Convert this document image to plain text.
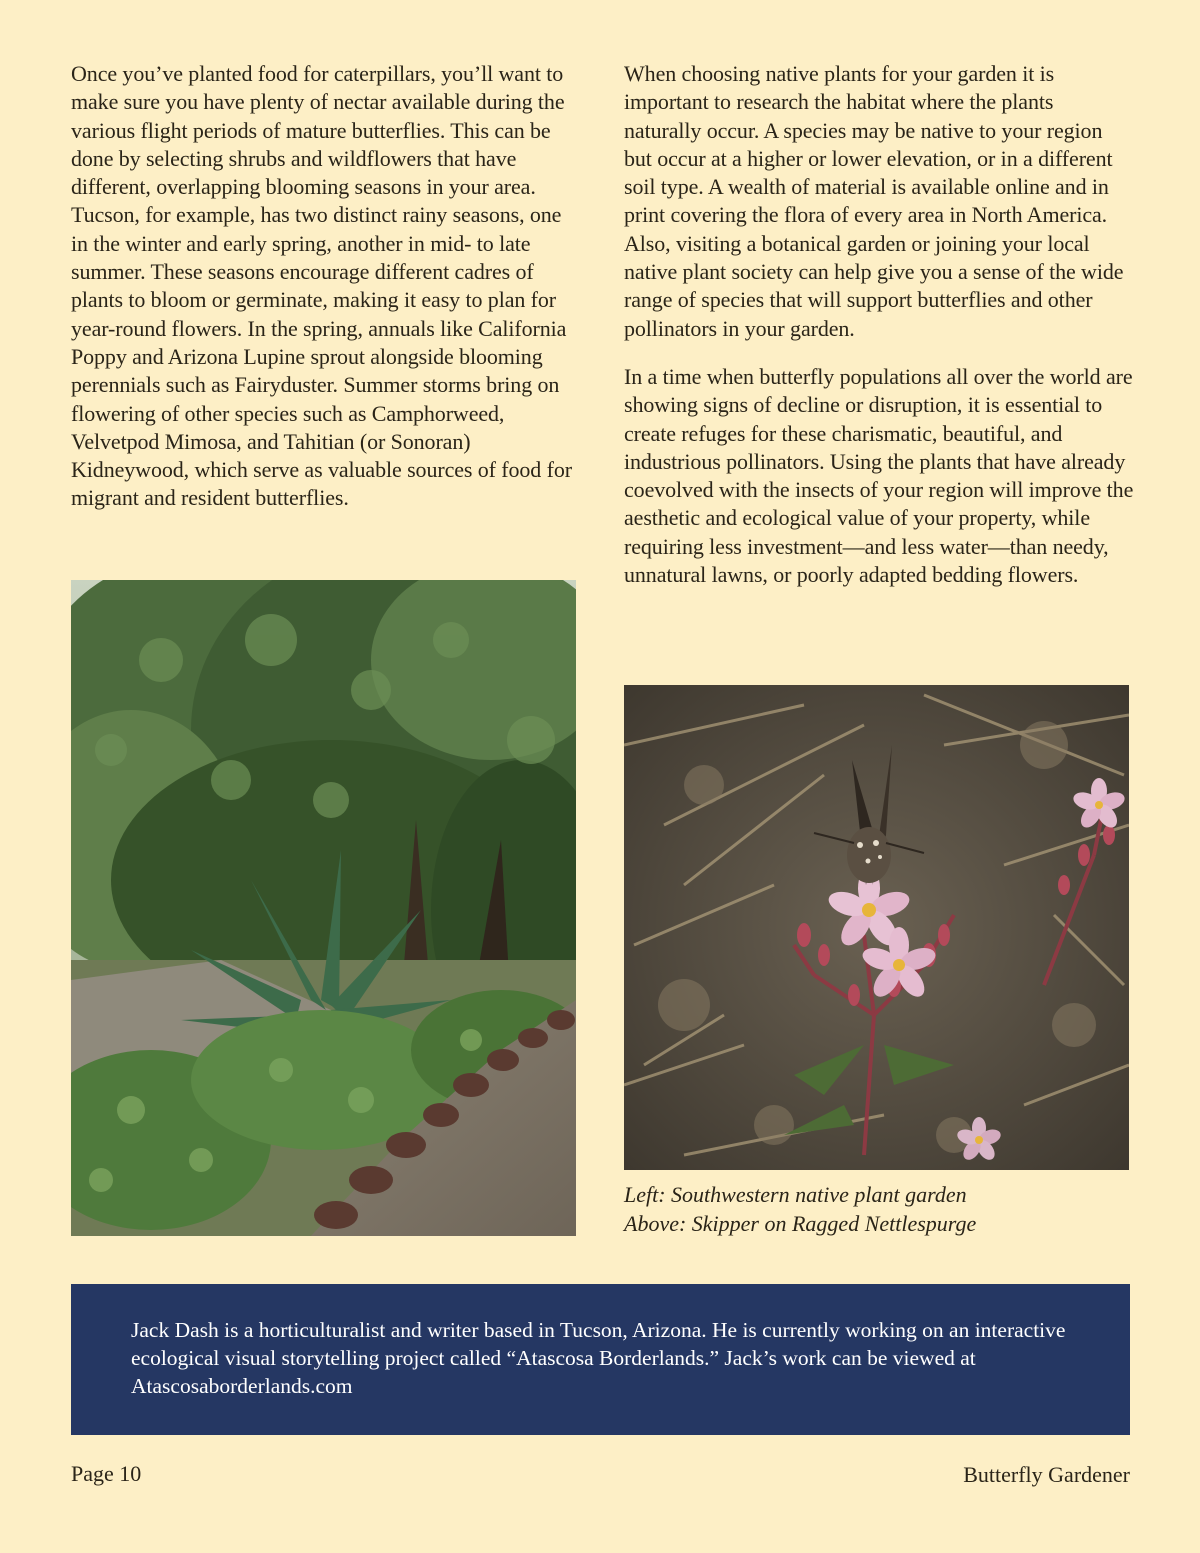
Once you’ve planted food for caterpillars, you’ll want to make sure you have plenty of nectar available during the various flight periods of mature butterflies. This can be done by selecting shrubs and wildflowers that have different, overlapping blooming seasons in your area. Tucson, for example, has two distinct rainy seasons, one in the winter and early spring, another in mid- to late summer. These seasons encourage different cadres of plants to bloom or germinate, making it easy to plan for year-round flowers. In the spring, annuals like California Poppy and Arizona Lupine sprout alongside blooming perennials such as Fairyduster. Summer storms bring on flowering of other species such as Camphorweed, Velvetpod Mimosa, and Tahitian (or Sonoran) Kidneywood, which serve as valuable sources of food for migrant and resident butterflies.

When choosing native plants for your garden it is important to research the habitat where the plants naturally occur. A species may be native to your region but occur at a higher or lower elevation, or in a different soil type. A wealth of material is available online and in print covering the flora of every area in North America. Also, visiting a botanical garden or joining your local native plant society can help give you a sense of the wide range of species that will support butterflies and other pollinators in your garden.

In a time when butterfly populations all over the world are showing signs of decline or disruption, it is essential to create refuges for these charismatic, beautiful, and industrious pollinators. Using the plants that have already coevolved with the insects of your region will improve the aesthetic and ecological value of your property, while requiring less investment—and less water—than needy, unnatural lawns, or poorly adapted bedding flowers.

Left: Southwestern native plant garden
Above: Skipper on Ragged Nettlespurge

Jack Dash is a horticulturalist and writer based in Tucson, Arizona. He is currently working on an interactive ecological visual storytelling project called “Atascosa Borderlands.” Jack’s work can be viewed at Atascosaborderlands.com

Page 10	Butterfly Gardener
